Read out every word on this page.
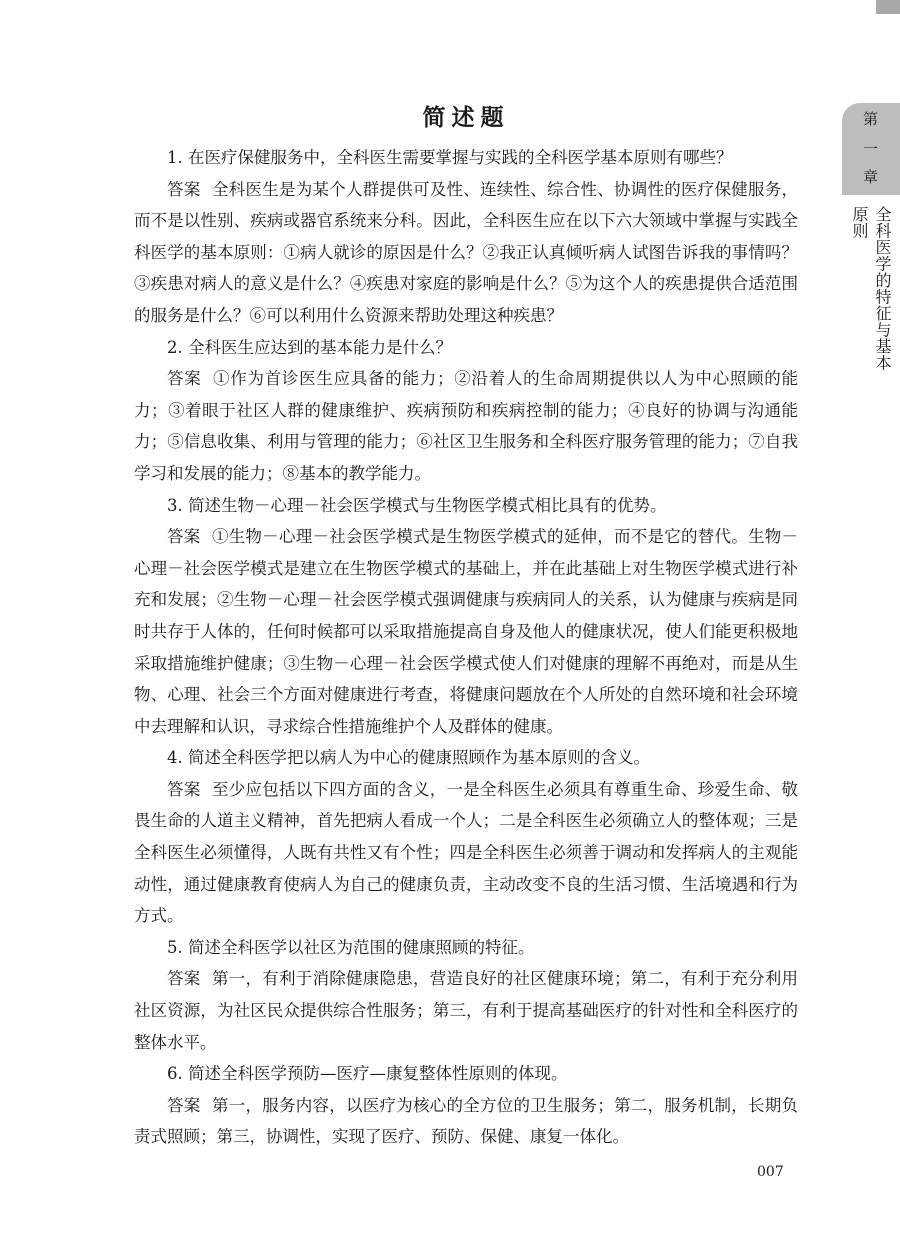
第
一
章
全科医学的特征与基本原则
简述题

1. 在医疗保健服务中，全科医生需要掌握与实践的全科医学基本原则有哪些？

答案 全科医生是为某个人群提供可及性、连续性、综合性、协调性的医疗保健服务，而不是以性别、疾病或器官系统来分科。因此，全科医生应在以下六大领域中掌握与实践全科医学的基本原则：①病人就诊的原因是什么？②我正认真倾听病人试图告诉我的事情吗？③疾患对病人的意义是什么？④疾患对家庭的影响是什么？⑤为这个人的疾患提供合适范围的服务是什么？⑥可以利用什么资源来帮助处理这种疾患？

2. 全科医生应达到的基本能力是什么？

答案 ①作为首诊医生应具备的能力；②沿着人的生命周期提供以人为中心照顾的能力；③着眼于社区人群的健康维护、疾病预防和疾病控制的能力；④良好的协调与沟通能力；⑤信息收集、利用与管理的能力；⑥社区卫生服务和全科医疗服务管理的能力；⑦自我学习和发展的能力；⑧基本的教学能力。

3. 简述生物－心理－社会医学模式与生物医学模式相比具有的优势。

答案 ①生物－心理－社会医学模式是生物医学模式的延伸，而不是它的替代。生物－心理－社会医学模式是建立在生物医学模式的基础上，并在此基础上对生物医学模式进行补充和发展；②生物－心理－社会医学模式强调健康与疾病同人的关系，认为健康与疾病是同时共存于人体的，任何时候都可以采取措施提高自身及他人的健康状况，使人们能更积极地采取措施维护健康；③生物－心理－社会医学模式使人们对健康的理解不再绝对，而是从生物、心理、社会三个方面对健康进行考查，将健康问题放在个人所处的自然环境和社会环境中去理解和认识，寻求综合性措施维护个人及群体的健康。

4. 简述全科医学把以病人为中心的健康照顾作为基本原则的含义。

答案 至少应包括以下四方面的含义，一是全科医生必须具有尊重生命、珍爱生命、敬畏生命的人道主义精神，首先把病人看成一个人；二是全科医生必须确立人的整体观；三是全科医生必须懂得，人既有共性又有个性；四是全科医生必须善于调动和发挥病人的主观能动性，通过健康教育使病人为自己的健康负责，主动改变不良的生活习惯、生活境遇和行为方式。

5. 简述全科医学以社区为范围的健康照顾的特征。

答案 第一，有利于消除健康隐患，营造良好的社区健康环境；第二，有利于充分利用社区资源，为社区民众提供综合性服务；第三，有利于提高基础医疗的针对性和全科医疗的整体水平。

6. 简述全科医学预防—医疗—康复整体性原则的体现。

答案 第一，服务内容，以医疗为核心的全方位的卫生服务；第二，服务机制，长期负责式照顾；第三，协调性，实现了医疗、预防、保健、康复一体化。

007
